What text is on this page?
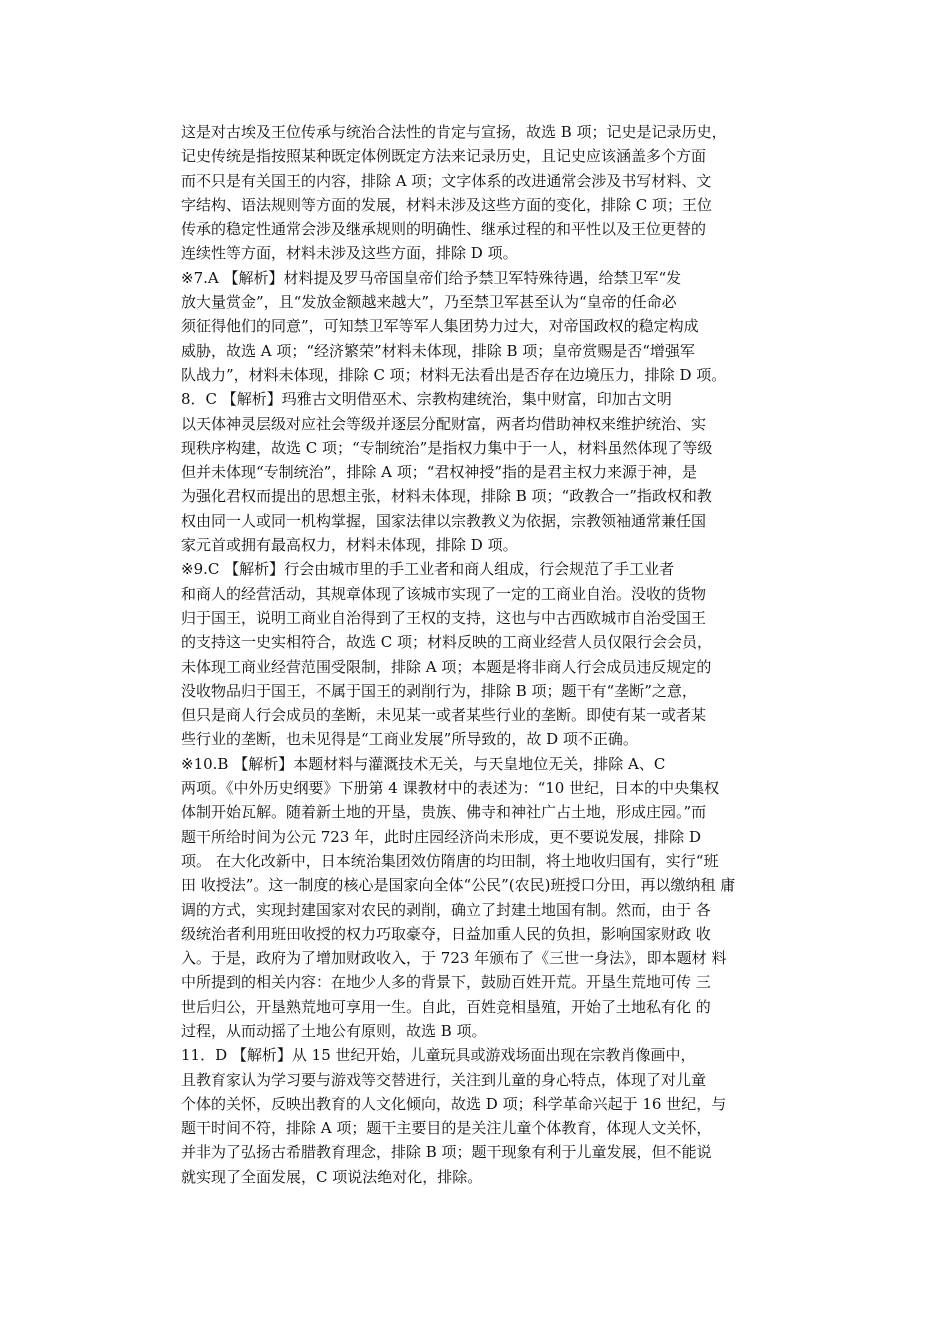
这是对古埃及王位传承与统治合法性的肯定与宣扬，故选 B 项；记史是记录历史，
记史传统是指按照某种既定体例既定方法来记录历史，且记史应该涵盖多个方面
而不只是有关国王的内容，排除 A 项；文字体系的改进通常会涉及书写材料、文
字结构、语法规则等方面的发展，材料未涉及这些方面的变化，排除 C 项；王位
传承的稳定性通常会涉及继承规则的明确性、继承过程的和平性以及王位更替的
连续性等方面，材料未涉及这些方面，排除 D 项。
※7.A 【解析】材料提及罗马帝国皇帝们给予禁卫军特殊待遇，给禁卫军“发
放大量赏金”，且“发放金额越来越大”，乃至禁卫军甚至认为“皇帝的任命必
须征得他们的同意”，可知禁卫军等军人集团势力过大，对帝国政权的稳定构成
威胁，故选 A 项；“经济繁荣”材料未体现，排除 B 项；皇帝赏赐是否“增强军
队战力”，材料未体现，排除 C 项；材料无法看出是否存在边境压力，排除 D 项。
8．C 【解析】玛雅古文明借巫术、宗教构建统治，集中财富，印加古文明
以天体神灵层级对应社会等级并逐层分配财富，两者均借助神权来维护统治、实
现秩序构建，故选 C 项；“专制统治”是指权力集中于一人，材料虽然体现了等级
但并未体现“专制统治”，排除 A 项；“君权神授”指的是君主权力来源于神，是
为强化君权而提出的思想主张，材料未体现，排除 B 项；“政教合一”指政权和教
权由同一人或同一机构掌握，国家法律以宗教教义为依据，宗教领袖通常兼任国
家元首或拥有最高权力，材料未体现，排除 D 项。
※9.C 【解析】行会由城市里的手工业者和商人组成，行会规范了手工业者
和商人的经营活动，其规章体现了该城市实现了一定的工商业自治。没收的货物
归于国王，说明工商业自治得到了王权的支持，这也与中古西欧城市自治受国王
的支持这一史实相符合，故选 C 项；材料反映的工商业经营人员仅限行会会员，
未体现工商业经营范围受限制，排除 A 项；本题是将非商人行会成员违反规定的
没收物品归于国王，不属于国王的剥削行为，排除 B 项；题干有“垄断”之意，
但只是商人行会成员的垄断，未见某一或者某些行业的垄断。即使有某一或者某
些行业的垄断，也未见得是“工商业发展”所导致的，故 D 项不正确。
※10.B 【解析】本题材料与灌溉技术无关，与天皇地位无关，排除 A、C
两项。《中外历史纲要》下册第 4 课教材中的表述为：“10 世纪，日本的中央集权
体制开始瓦解。随着新土地的开垦，贵族、佛寺和神社广占土地，形成庄园。”而
题干所给时间为公元 723 年，此时庄园经济尚未形成，更不要说发展，排除 D
项。 在大化改新中，日本统治集团效仿隋唐的均田制，将土地收归国有，实行“班
田 收授法”。这一制度的核心是国家向全体“公民”(农民)班授口分田，再以缴纳租 庸
调的方式，实现封建国家对农民的剥削，确立了封建土地国有制。然而，由于 各
级统治者利用班田收授的权力巧取豪夺，日益加重人民的负担，影响国家财政 收
入。于是，政府为了增加财政收入，于 723 年颁布了《三世一身法》，即本题材 料
中所提到的相关内容：在地少人多的背景下，鼓励百姓开荒。开垦生荒地可传 三
世后归公，开垦熟荒地可享用一生。自此，百姓竞相垦殖，开始了土地私有化 的
过程，从而动摇了土地公有原则，故选 B 项。
11．D 【解析】从 15 世纪开始，儿童玩具或游戏场面出现在宗教肖像画中，
且教育家认为学习要与游戏等交替进行，关注到儿童的身心特点，体现了对儿童
个体的关怀，反映出教育的人文化倾向，故选 D 项；科学革命兴起于 16 世纪，与
题干时间不符，排除 A 项；题干主要目的是关注儿童个体教育，体现人文关怀，
并非为了弘扬古希腊教育理念，排除 B 项；题干现象有利于儿童发展，但不能说
就实现了全面发展，C 项说法绝对化，排除。
